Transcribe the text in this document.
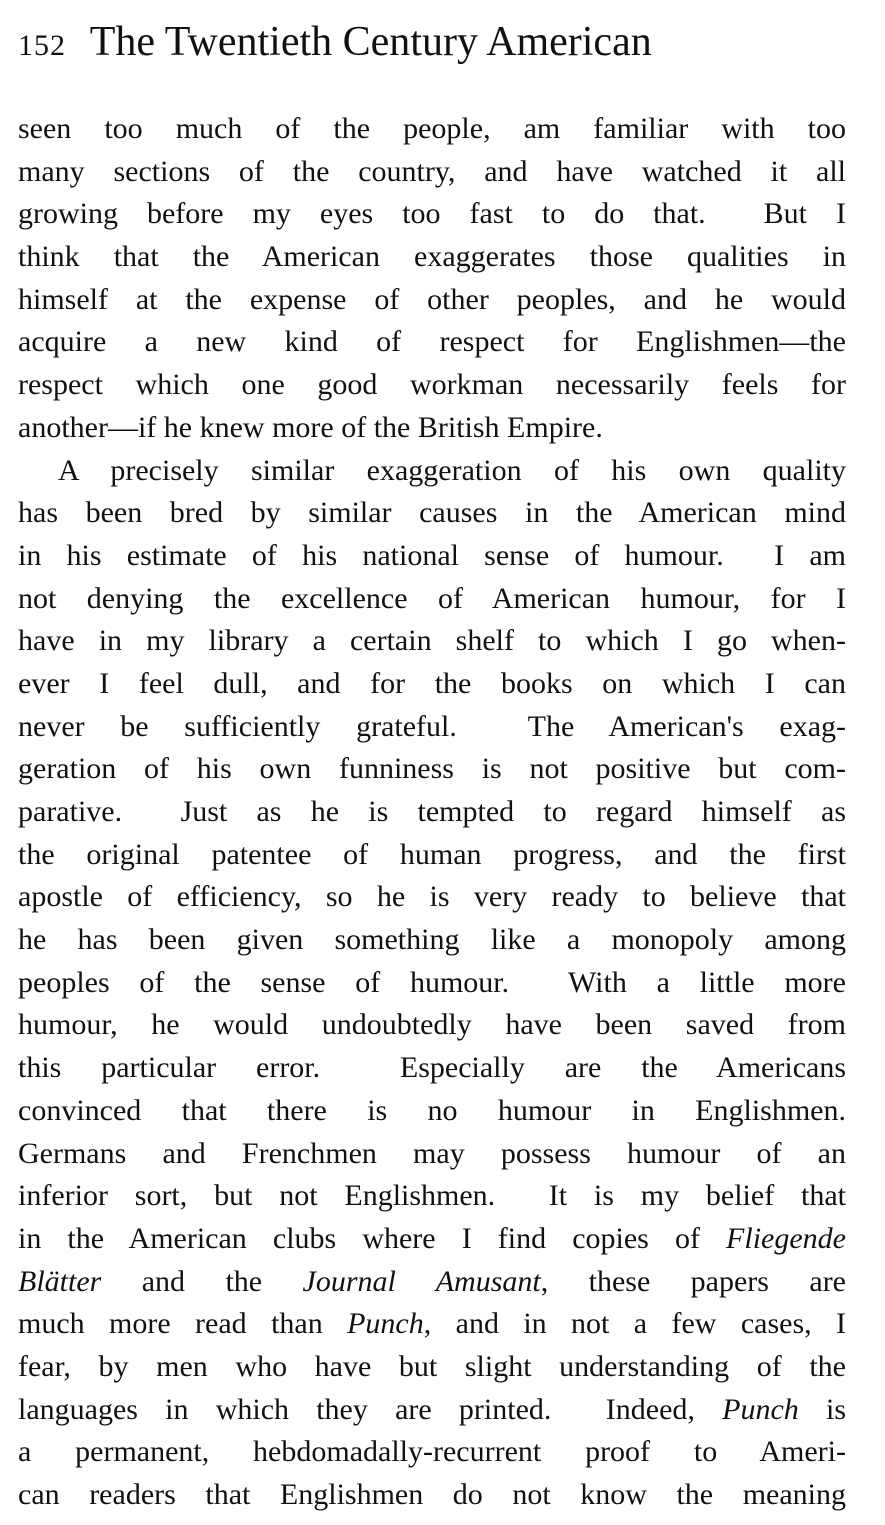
152 The Twentieth Century American
seen too much of the people, am familiar with too
many sections of the country, and have watched it all
growing before my eyes too fast to do that.  But I
think that the American exaggerates those qualities in
himself at the expense of other peoples, and he would
acquire a new kind of respect for Englishmen—the
respect which one good workman necessarily feels for
another—if he knew more of the British Empire.
A precisely similar exaggeration of his own quality
has been bred by similar causes in the American mind
in his estimate of his national sense of humour.  I am
not denying the excellence of American humour, for I
have in my library a certain shelf to which I go when-
ever I feel dull, and for the books on which I can
never be sufficiently grateful.  The American's exag-
geration of his own funniness is not positive but com-
parative.  Just as he is tempted to regard himself as
the original patentee of human progress, and the first
apostle of efficiency, so he is very ready to believe that
he has been given something like a monopoly among
peoples of the sense of humour.  With a little more
humour, he would undoubtedly have been saved from
this particular error.  Especially are the Americans
convinced that there is no humour in Englishmen.
Germans and Frenchmen may possess humour of an
inferior sort, but not Englishmen.  It is my belief that
in the American clubs where I find copies of Fliegende
Blätter and the Journal Amusant, these papers are
much more read than Punch, and in not a few cases, I
fear, by men who have but slight understanding of the
languages in which they are printed.  Indeed, Punch is
a permanent, hebdomadally-recurrent proof to Ameri-
can readers that Englishmen do not know the meaning
